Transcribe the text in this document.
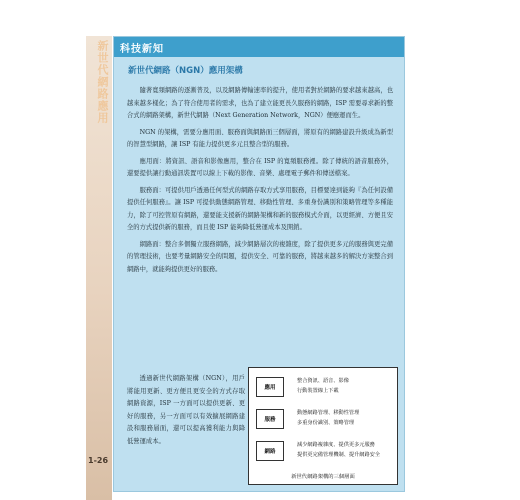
新世代網路應用
1-26
科技新知
新世代網路（NGN）應用架構

隨著寬頻網路的逐漸普及，以及網路傳輸速率的提升，使用者對於網路的要求越來越高，也越來越多樣化；為了符合使用者的需求，也為了建立能更長久服務的網路，ISP 需要尋求新的整合式的網路架構，新世代網路（Next Generation Network，NGN）便應運而生。

NGN 的架構，需要分應用面、服務面與網路面三個層面，將原有的網路建設升級成為新型的智慧型網路，讓 ISP 有能力提供更多元且整合型的服務。

應用面：將資訊、語音和影像應用，整合在 ISP 的寬頻服務裡。除了傳統的語音服務外，還要提供讓行動通訊裝置可以線上下載的影像、音樂、處理電子郵件和傳送檔案。

服務面：可提供用戶透過任何型式的網路存取方式享用服務，目標要達到能夠『為任何設備提供任何服務』。讓 ISP 可提供動態網路管理、移動性管理、多重身份識別和策略管理等多種能力，除了可控管原有網路，還要能支援新的網路架構和新的服務模式介面，以更經濟、方便且安全的方式提供新的服務，而且使 ISP 能夠降低營運成本及開銷。

網路面：整合多個獨立服務網路，減少網路層次的複雜度，除了提供更多元的服務與更完備的管理技術，也要考量網路安全的問題，提供安全、可靠的服務，將越來越多的解決方案整合到網路中，就能夠提供更好的服務。

透過新世代網路架構（NGN），用戶將能用更新、更方便且更安全的方式存取網路資源，ISP 一方面可以提供更新、更好的服務，另一方面可以有效擴展網路建設和服務層面，還可以提高獲利能力與降低營運成本。

應用
整合資訊、語音、影像
行動裝置線上下載
服務
動態網路管理、移動性管理
多重身份識別、策略管理
網路
減少網路複雜度、提供更多元服務
提供更完備管理機制、提升網路安全
新世代網路架構的三個層面
